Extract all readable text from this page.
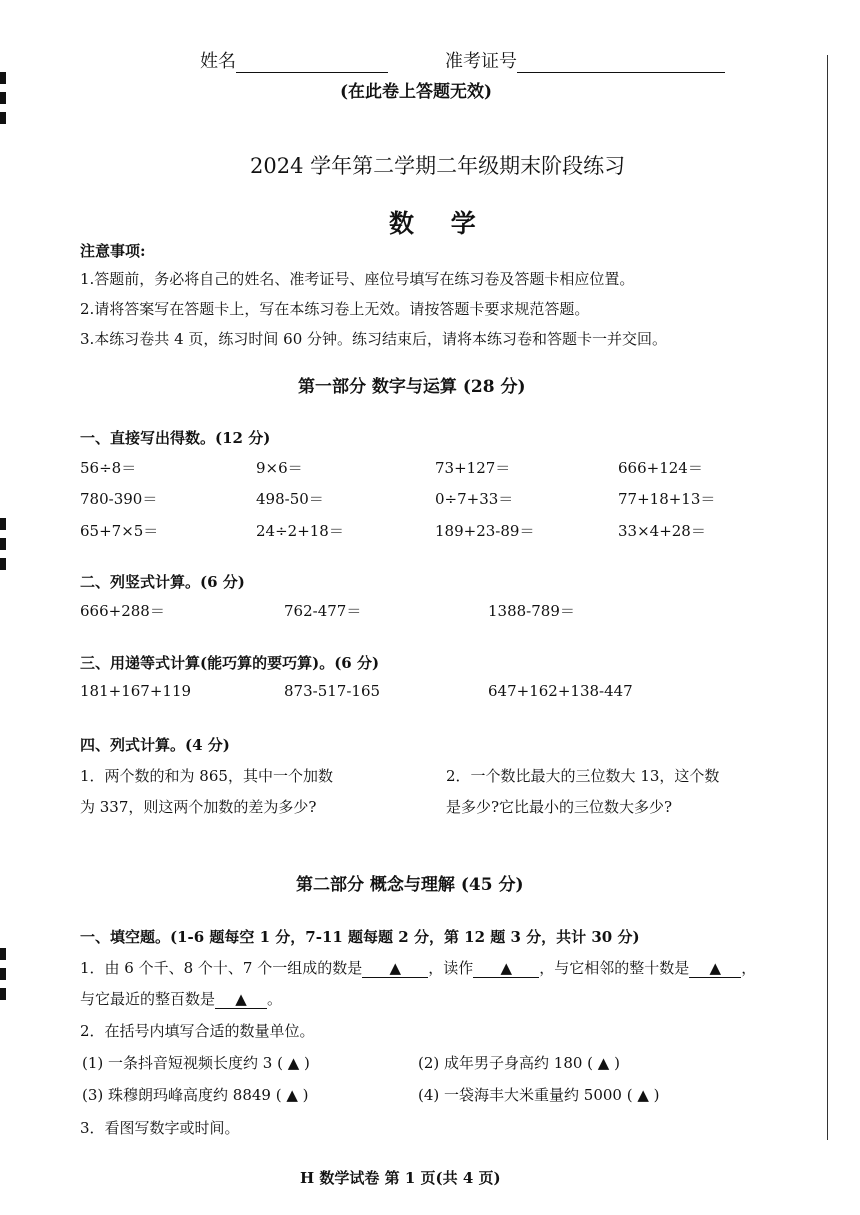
姓名	准考证号
(在此卷上答题无效)
2024 学年第二学期二年级期末阶段练习
数 学
注意事项:
1.答题前，务必将自己的姓名、准考证号、座位号填写在练习卷及答题卡相应位置。
2.请将答案写在答题卡上，写在本练习卷上无效。请按答题卡要求规范答题。
3.本练习卷共 4 页，练习时间 60 分钟。练习结束后，请将本练习卷和答题卡一并交回。
第一部分 数字与运算 (28 分)
一、直接写出得数。(12 分)
56÷8＝	9×6＝	73+127＝	666+124＝
780-390＝	498-50＝	0÷7+33＝	77+18+13＝
65+7×5＝	24÷2+18＝	189+23-89＝	33×4+28＝
二、列竖式计算。(6 分)
666+288＝	762-477＝	1388-789＝
三、用递等式计算(能巧算的要巧算)。(6 分)
181+167+119	873-517-165	647+162+138-447
四、列式计算。(4 分)
1．两个数的和为 865，其中一个加数
为 337，则这两个加数的差为多少?
2．一个数比最大的三位数大 13，这个数
是多少?它比最小的三位数大多少?
第二部分 概念与理解 (45 分)
一、填空题。(1-6 题每空 1 分，7-11 题每题 2 分，第 12 题 3 分，共计 30 分)
1．由 6 个千、8 个十、7 个一组成的数是 ▲ ，读作 ▲ ，与它相邻的整十数是 ▲ ，
与它最近的整百数是 ▲ 。
2．在括号内填写合适的数量单位。
(1) 一条抖音短视频长度约 3 ( ▲ )	(2) 成年男子身高约 180 ( ▲ )
(3) 珠穆朗玛峰高度约 8849 ( ▲ )	(4) 一袋海丰大米重量约 5000 ( ▲ )
3．看图写数字或时间。
H 数学试卷 第 1 页(共 4 页)
